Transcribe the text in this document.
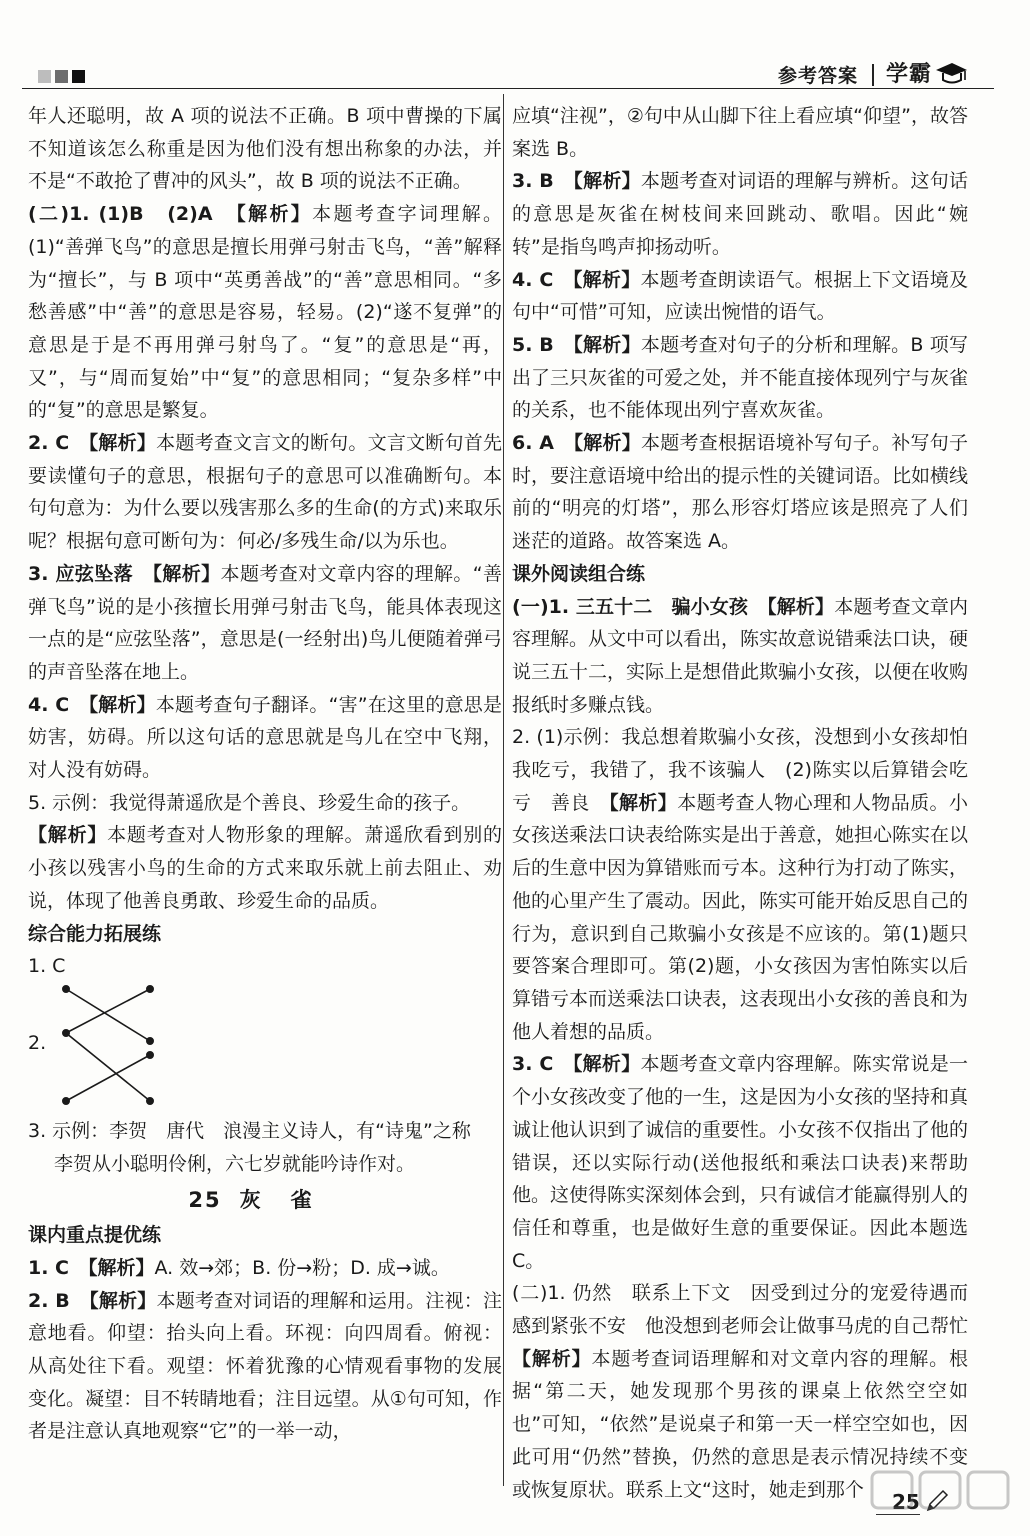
参考答案 学霸

年人还聪明，故 A 项的说法不正确。B 项中曹操的下属不知道该怎么称重是因为他们没有想出称象的办法，并不是“不敢抢了曹冲的风头”，故 B 项的说法不正确。

(二)1. (1)B　(2)A　【解析】本题考查字词理解。(1)“善弹飞鸟”的意思是擅长用弹弓射击飞鸟，“善”解释为“擅长”，与 B 项中“英勇善战”的“善”意思相同。“多愁善感”中“善”的意思是容易，轻易。(2)“遂不复弹”的意思是于是不再用弹弓射鸟了。“复”的意思是“再，又”，与“周而复始”中“复”的意思相同；“复杂多样”中的“复”的意思是繁复。

2. C　【解析】本题考查文言文的断句。文言文断句首先要读懂句子的意思，根据句子的意思可以准确断句。本句句意为：为什么要以残害那么多的生命(的方式)来取乐呢？根据句意可断句为：何必/多残生命/以为乐也。

3. 应弦坠落　【解析】本题考查对文章内容的理解。“善弹飞鸟”说的是小孩擅长用弹弓射击飞鸟，能具体表现这一点的是“应弦坠落”，意思是(一经射出)鸟儿便随着弹弓的声音坠落在地上。

4. C　【解析】本题考查句子翻译。“害”在这里的意思是妨害，妨碍。所以这句话的意思就是鸟儿在空中飞翔，对人没有妨碍。

5. 示例：我觉得萧遥欣是个善良、珍爱生命的孩子。

【解析】本题考查对人物形象的理解。萧遥欣看到别的小孩以残害小鸟的生命的方式来取乐就上前去阻止、劝说，体现了他善良勇敢、珍爱生命的品质。

综合能力拓展练

1. C

2.

3. 示例：李贺　唐代　浪漫主义诗人，有“诗鬼”之称

李贺从小聪明伶俐，六七岁就能吟诗作对。

25 灰雀

课内重点提优练

1. C　【解析】A. 效→郊；B. 份→粉；D. 成→诚。

2. B　【解析】本题考查对词语的理解和运用。注视：注意地看。仰望：抬头向上看。环视：向四周看。俯视：从高处往下看。观望：怀着犹豫的心情观看事物的发展变化。凝望：目不转睛地看；注目远望。从①句可知，作者是注意认真地观察“它”的一举一动，

应填“注视”，②句中从山脚下往上看应填“仰望”，故答案选 B。

3. B　【解析】本题考查对词语的理解与辨析。这句话的意思是灰雀在树枝间来回跳动、歌唱。因此“婉转”是指鸟鸣声抑扬动听。

4. C　【解析】本题考查朗读语气。根据上下文语境及句中“可惜”可知，应读出惋惜的语气。

5. B　【解析】本题考查对句子的分析和理解。B 项写出了三只灰雀的可爱之处，并不能直接体现列宁与灰雀的关系，也不能体现出列宁喜欢灰雀。

6. A　【解析】本题考查根据语境补写句子。补写句子时，要注意语境中给出的提示性的关键词语。比如横线前的“明亮的灯塔”，那么形容灯塔应该是照亮了人们迷茫的道路。故答案选 A。

课外阅读组合练

(一)1. 三五十二　骗小女孩　【解析】本题考查文章内容理解。从文中可以看出，陈实故意说错乘法口诀，硬说三五十二，实际上是想借此欺骗小女孩，以便在收购报纸时多赚点钱。

2. (1)示例：我总想着欺骗小女孩，没想到小女孩却怕我吃亏，我错了，我不该骗人　(2)陈实以后算错会吃亏　善良　【解析】本题考查人物心理和人物品质。小女孩送乘法口诀表给陈实是出于善意，她担心陈实在以后的生意中因为算错账而亏本。这种行为打动了陈实，他的心里产生了震动。因此，陈实可能开始反思自己的行为，意识到自己欺骗小女孩是不应该的。第(1)题只要答案合理即可。第(2)题，小女孩因为害怕陈实以后算错亏本而送乘法口诀表，这表现出小女孩的善良和为他人着想的品质。

3. C　【解析】本题考查文章内容理解。陈实常说是一个小女孩改变了他的一生，这是因为小女孩的坚持和真诚让他认识到了诚信的重要性。小女孩不仅指出了他的错误，还以实际行动(送他报纸和乘法口诀表)来帮助他。这使得陈实深刻体会到，只有诚信才能赢得别人的信任和尊重，也是做好生意的重要保证。因此本题选 C。

(二)1. 仍然　联系上下文　因受到过分的宠爱待遇而感到紧张不安　他没想到老师会让做事马虎的自己帮忙　【解析】本题考查词语理解和对文章内容的理解。根据“第二天，她发现那个男孩的课桌上依然空空如也”可知，“依然”是说桌子和第一天一样空空如也，因此可用“仍然”替换，仍然的意思是表示情况持续不变或恢复原状。联系上文“这时，她走到那个

25
